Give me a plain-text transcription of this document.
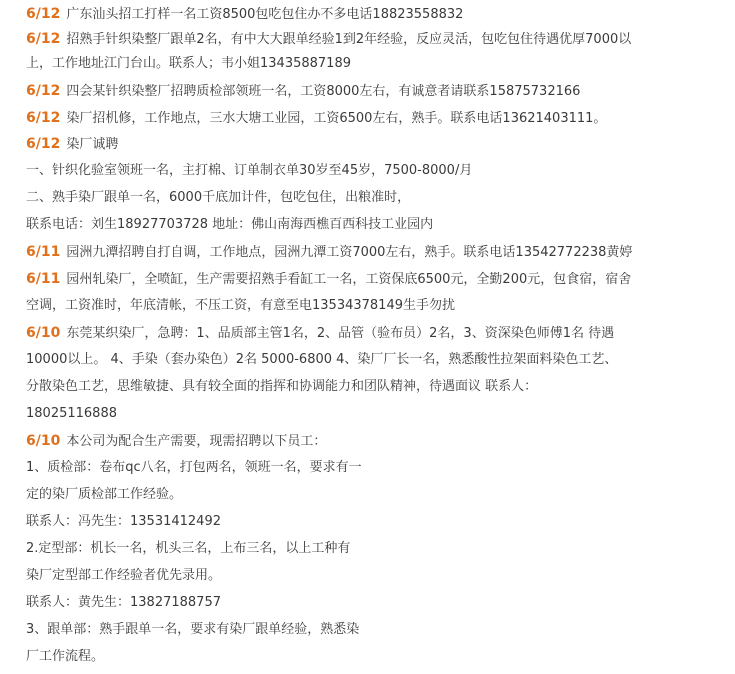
6/12 广东汕头招工打样一名工资8500包吃包住办不多电话18823558832
6/12 招熟手针织染整厂跟单2名，有中大大跟单经验1到2年经验，反应灵活，包吃包住待遇优厚7000以
上，工作地址江门台山。联系人；韦小姐13435887189
6/12 四会某针织染整厂招聘质检部领班一名，工资8000左右，有诚意者请联系15875732166
6/12 染厂招机修，工作地点，三水大塘工业园，工资6500左右，熟手。联系电话13621403111。
6/12 染厂诚聘
一、针织化验室领班一名，主打棉、订单制衣单30岁至45岁，7500-8000/月
二、熟手染厂跟单一名，6000千底加计件，包吃包住，出粮准时，
联系电话：刘生18927703728 地址：佛山南海西樵百西科技工业园内
6/11 园洲九潭招聘自打自调，工作地点，园洲九潭工资7000左右，熟手。联系电话13542772238黄婷
6/11 园州轧染厂，全喷缸，生产需要招熟手看缸工一名，工资保底6500元，全勤200元，包食宿，宿舍
空调，工资准时，年底清帐，不压工资，有意至电13534378149生手勿扰
6/10 东莞某织染厂，急聘：1、品质部主管1名，2、品管（验布员）2名，3、资深染色师傅1名 待遇
10000以上。 4、手染（套办染色）2名 5000-6800 4、染厂厂长一名，熟悉酸性拉架面料染色工艺、
分散染色工艺，思维敏捷、具有较全面的指挥和协调能力和团队精神，待遇面议 联系人：
18025116888
6/10 本公司为配合生产需要，现需招聘以下员工：
1、质检部：卷布qc八名，打包两名，领班一名，要求有一
定的染厂质检部工作经验。
联系人：冯先生：13531412492
2.定型部：机长一名，机头三名，上布三名，以上工种有
染厂定型部工作经验者优先录用。
联系人：黄先生：13827188757
3、跟单部：熟手跟单一名，要求有染厂跟单经验，熟悉染
厂工作流程。
